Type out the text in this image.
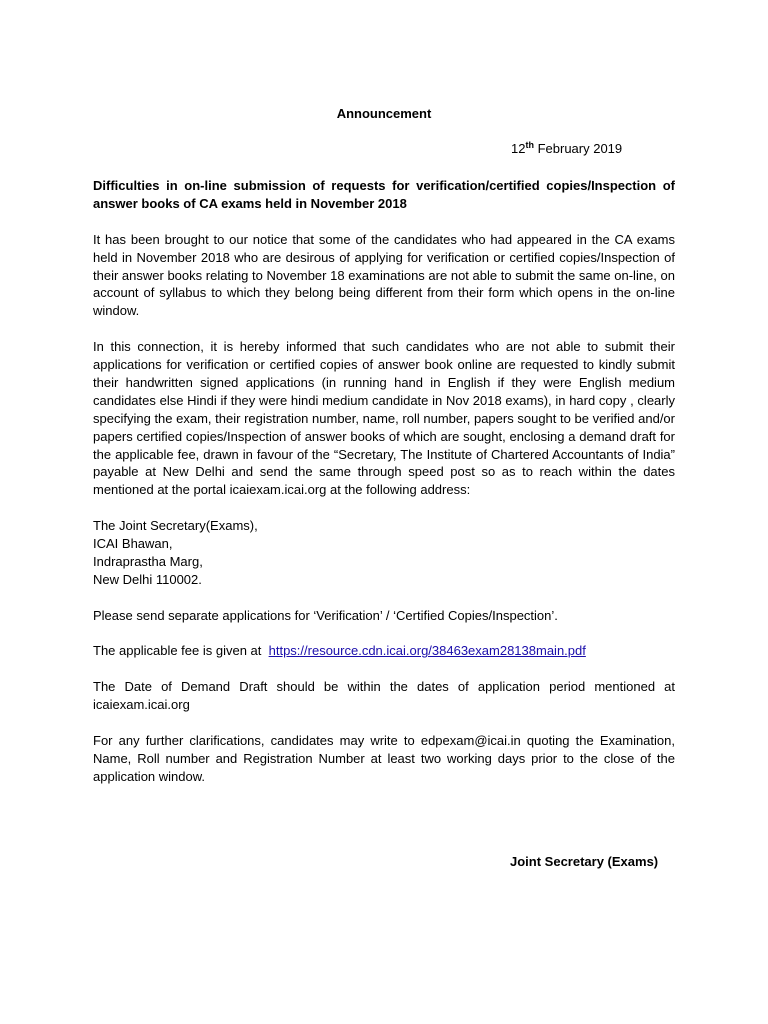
Announcement
12th February 2019

Difficulties in on-line submission of requests for verification/certified copies/Inspection of answer books of CA exams held in November 2018

It has been brought to our notice that some of the candidates who had appeared in the CA exams held in November 2018 who are desirous of applying for verification or certified copies/Inspection of their answer books relating to November 18 examinations are not able to submit the same on-line, on account of syllabus to which they belong being different from their form which opens in the on-line window.

In this connection, it is hereby informed that such candidates who are not able to submit their applications for verification or certified copies of answer book online are requested to kindly submit their handwritten signed applications (in running hand in English if they were English medium candidates else Hindi if they were hindi medium candidate in Nov 2018 exams), in hard copy , clearly specifying the exam, their registration number, name, roll number, papers sought to be verified and/or papers certified copies/Inspection of answer books of which are sought, enclosing a demand draft for the applicable fee, drawn in favour of the “Secretary, The Institute of Chartered Accountants of India” payable at New Delhi and send the same through speed post so as to reach within the dates mentioned at the portal icaiexam.icai.org at the following address:

The Joint Secretary(Exams),

ICAI Bhawan,

Indraprastha Marg,

New Delhi 110002.

Please send separate applications for ‘Verification’ / ‘Certified Copies/Inspection’.

The applicable fee is given at  https://resource.cdn.icai.org/38463exam28138main.pdf

The Date of Demand Draft should be within the dates of application period mentioned at icaiexam.icai.org

For any further clarifications, candidates may write to edpexam@icai.in quoting the Examination, Name, Roll number and Registration Number at least two working days prior to the close of the application window.

Joint Secretary (Exams)
